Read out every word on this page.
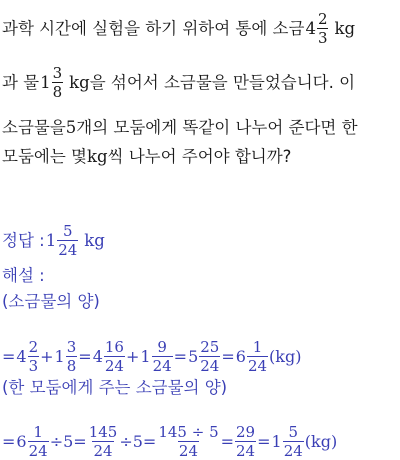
과학 시간에 실험을 하기 위하여 통에 소금 $4 \frac{2}{3}$ kg
과 물 $1 \frac{3}{8}$ kg 을 섞어서 소금물을 만들었습니다. 이
소금물을 5 개의 모둠에게 똑같이 나누어 준다면 한
모둠에는 몇 kg 씩 나누어 주어야 합니까?
정답 : $1 \frac{5}{24}$ kg
해설 :
(소금물의 양)
= $4 \frac{2}{3} + 1 \frac{3}{8} = 4 \frac{16}{24} + 1 \frac{9}{24} = 5 \frac{25}{24} = 6 \frac{1}{24} (kg)$
(한 모둠에게 주는 소금물의 양)
= $6 \frac{1}{24} \div 5 = \frac{145}{24} \div 5 = \frac{145 \div 5}{24} = \frac{29}{24} = 1 \frac{5}{24} (kg)$
